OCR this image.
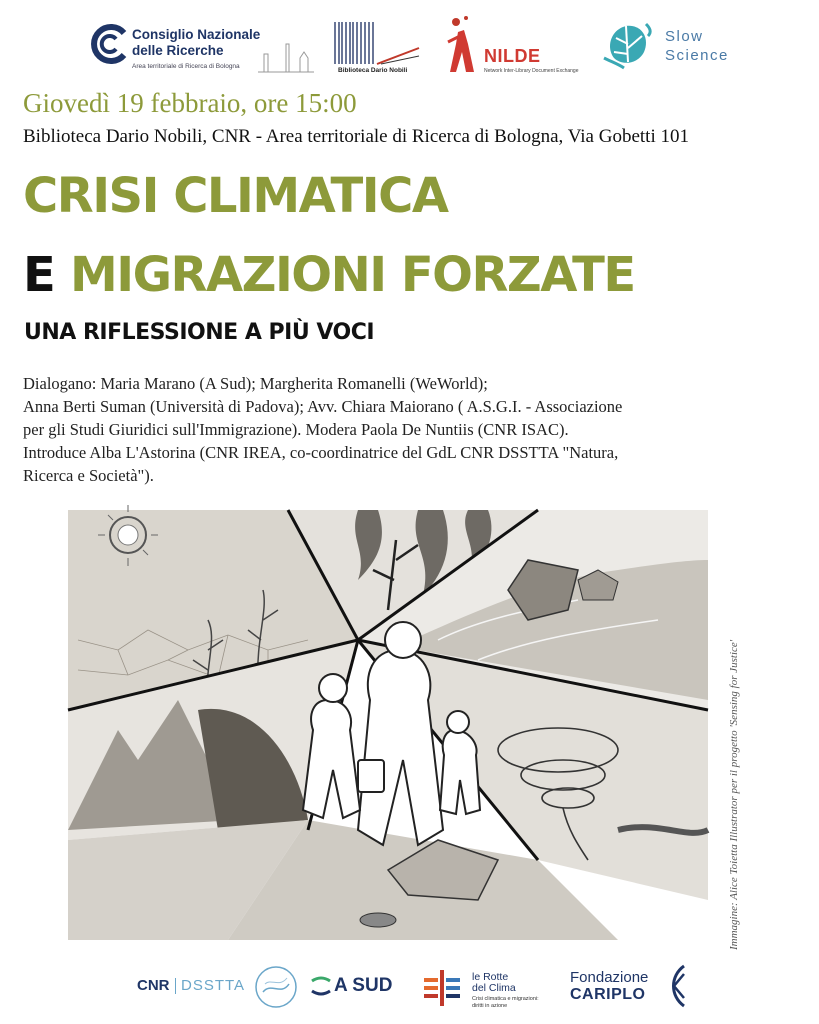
Consiglio Nazionale
delle Ricerche
Area territoriale di Ricerca di Bologna
Biblioteca Dario Nobili
NILDE
Network Inter-Library Document Exchange
Slow
Science
Giovedì 19 febbraio, ore 15:00
Biblioteca Dario Nobili, CNR - Area territoriale di Ricerca di Bologna, Via Gobetti 101
CRISI CLIMATICA
E MIGRAZIONI FORZATE
UNA RIFLESSIONE A PIÙ VOCI
Dialogano: Maria Marano (A Sud); Margherita Romanelli (WeWorld);
Anna Berti Suman (Università di Padova); Avv. Chiara Maiorano ( A.S.G.I. - Associazione
per gli Studi Giuridici sull'Immigrazione). Modera Paola De Nuntiis (CNR ISAC).
Introduce Alba L'Astorina (CNR IREA, co-coordinatrice del GdL CNR DSSTTA "Natura,
Ricerca e Società").
Immagine: Alice Toietta Illustrator per il progetto 'Sensing for Justice'
CNR DSSTTA	A SUD	le Rotte
del Clima
Crisi climatica e migrazioni:
diritti in azione
Fondazione
CARIPLO
